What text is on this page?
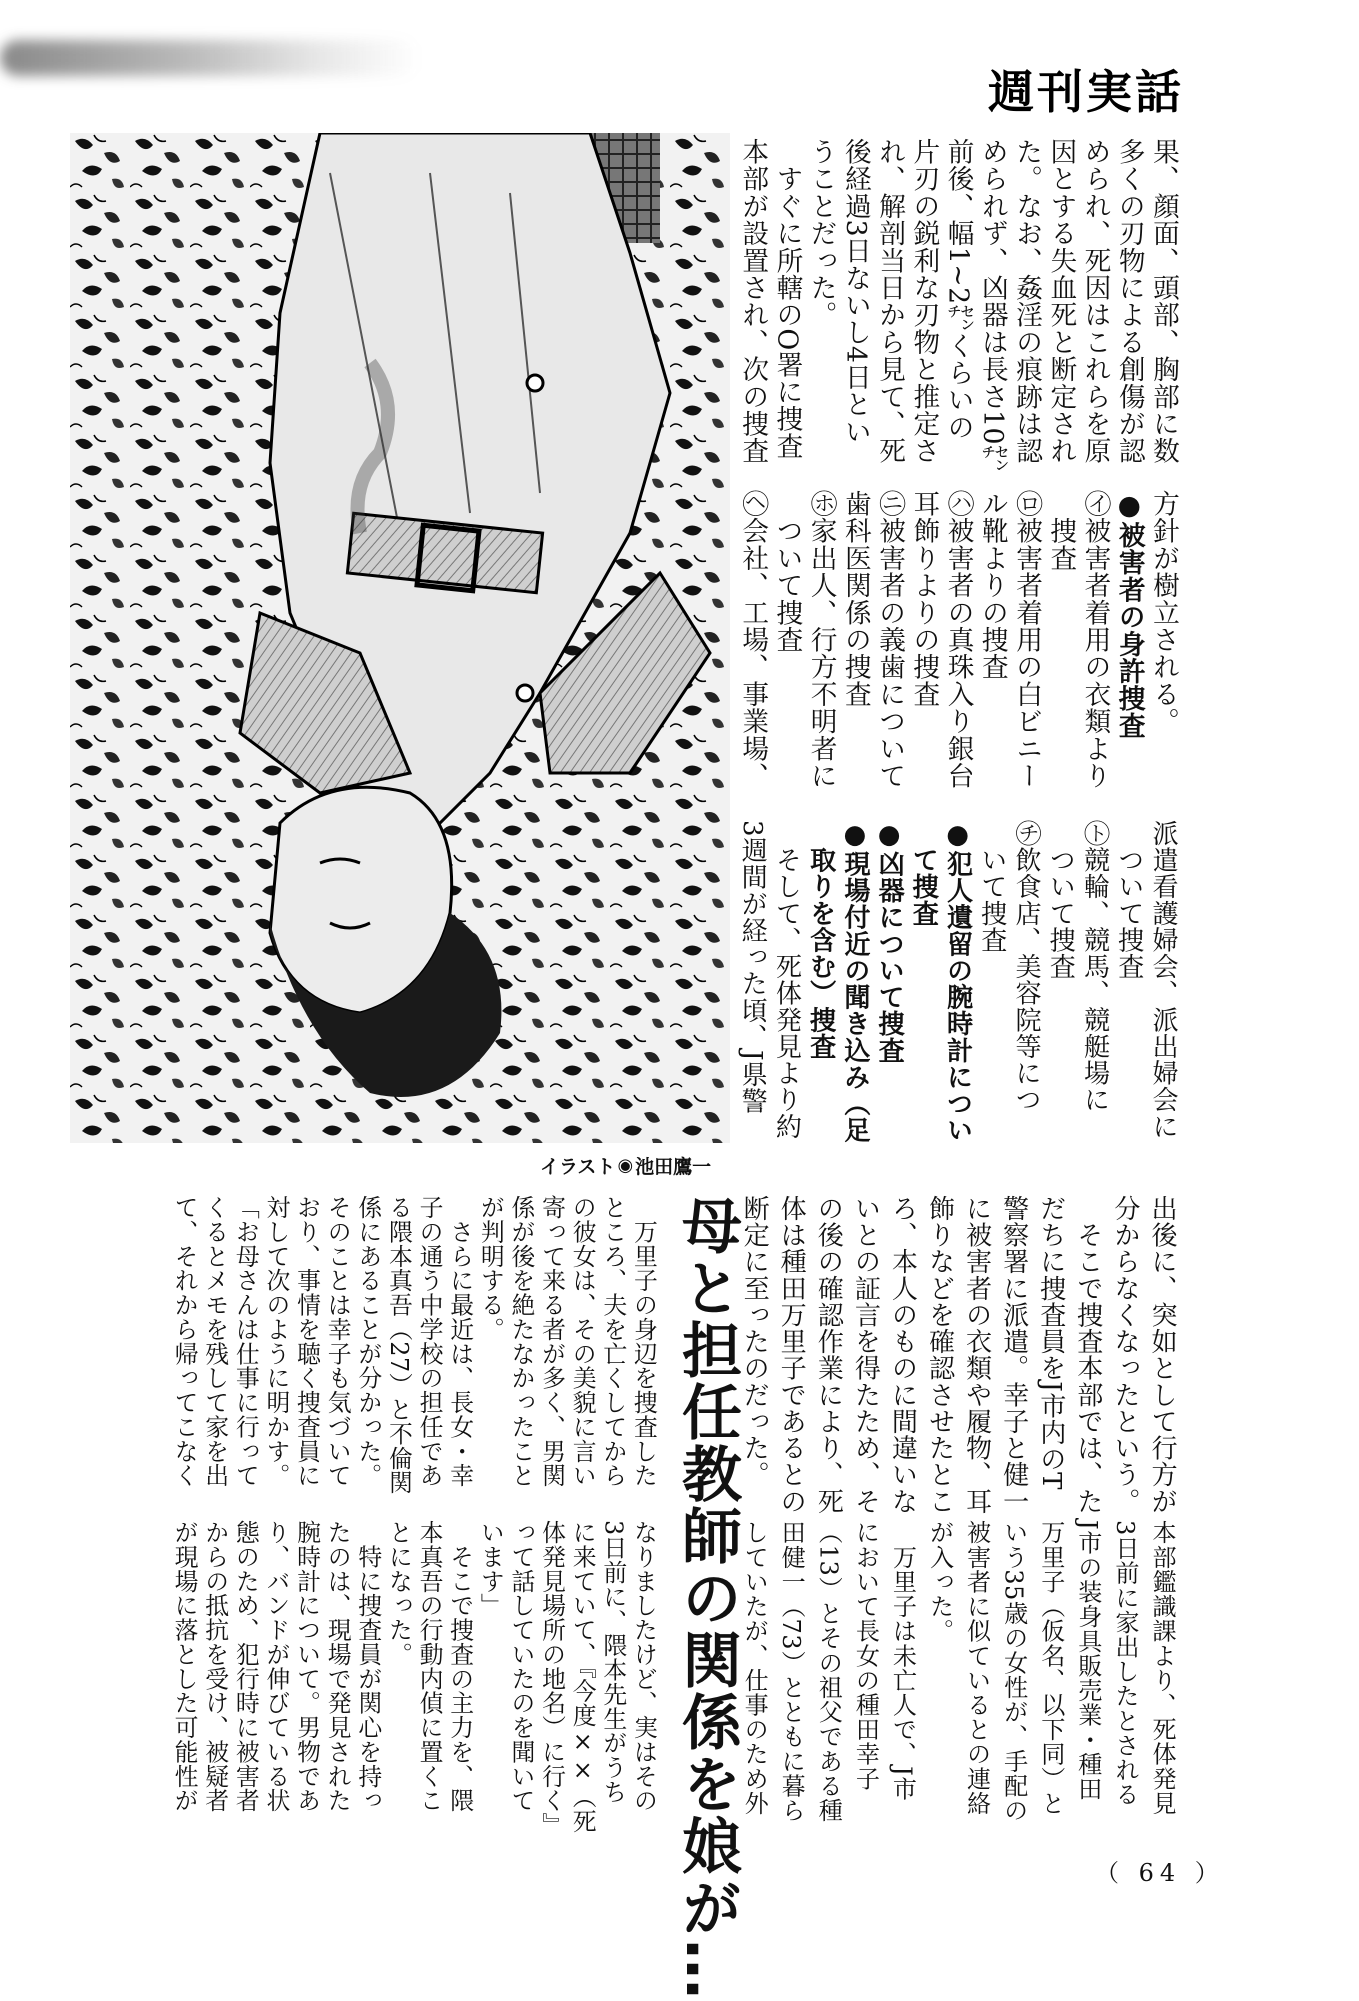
週刊実話
イラスト ◉ 池田鷹一
母と担任教師の関係を娘が…	（ 64 ）
果、顔面、頭部、胸部に数
多くの刃物による創傷が認
められ、死因はこれらを原
因とする失血死と断定され
た。なお、姦淫の痕跡は認
められず、凶器は長さ10㌢
前後、幅1~2㌢くらいの
片刃の鋭利な刃物と推定さ
れ、解剖当日から見て、死
後経過3日ないし4日とい
うことだった。
　すぐに所轄のO署に捜査
本部が設置され、次の捜査
方針が樹立される。
●被害者の身許捜査
㋑被害者着用の衣類より
　捜査
㋺被害者着用の白ビニー
ル靴よりの捜査
㋩被害者の真珠入り銀台
耳飾りよりの捜査
㋥被害者の義歯について
歯科医関係の捜査
㋭家出人、行方不明者に
　ついて捜査
㋬会社、工場、事業場、
派遣看護婦会、派出婦会に
　ついて捜査
㋣競輪、競馬、競艇場に
　ついて捜査
㋠飲食店、美容院等につ
　いて捜査
●犯人遺留の腕時計につい
　て捜査
●凶器について捜査
●現場付近の聞き込み（足
　取りを含む）捜査
　そして、死体発見より約
3週間が経った頃、J県警
出後に、突如として行方が
分からなくなったという。
　そこで捜査本部では、た
だちに捜査員をJ市内のT
警察署に派遣。幸子と健一
に被害者の衣類や履物、耳
飾りなどを確認させたとこ
ろ、本人のものに間違いな
いとの証言を得たため、そ
の後の確認作業により、死
体は種田万里子であるとの
断定に至ったのだった。
本部鑑識課より、死体発見
3日前に家出したとされる
J市の装身具販売業・種田
万里子（仮名、以下同）と
いう35歳の女性が、手配の
被害者に似ているとの連絡
が入った。
　万里子は未亡人で、J市
において長女の種田幸子
（13）とその祖父である種
田健一（73）とともに暮ら
していたが、仕事のため外
　万里子の身辺を捜査した
ところ、夫を亡くしてから
の彼女は、その美貌に言い
寄って来る者が多く、男関
係が後を絶たなかったこと
が判明する。
　さらに最近は、長女・幸
子の通う中学校の担任であ
る隈本真吾（27）と不倫関
係にあることが分かった。
そのことは幸子も気づいて
おり、事情を聴く捜査員に
対して次のように明かす。
「お母さんは仕事に行って
くるとメモを残して家を出
て、それから帰ってこなく
なりましたけど、実はその
3日前に、隈本先生がうち
に来ていて、『今度××（死
体発見場所の地名）に行く』
って話していたのを聞いて
います」
　そこで捜査の主力を、隈
本真吾の行動内偵に置くこ
とになった。
　特に捜査員が関心を持っ
たのは、現場で発見された
腕時計について。男物であ
り、バンドが伸びている状
態のため、犯行時に被害者
からの抵抗を受け、被疑者
が現場に落とした可能性が
